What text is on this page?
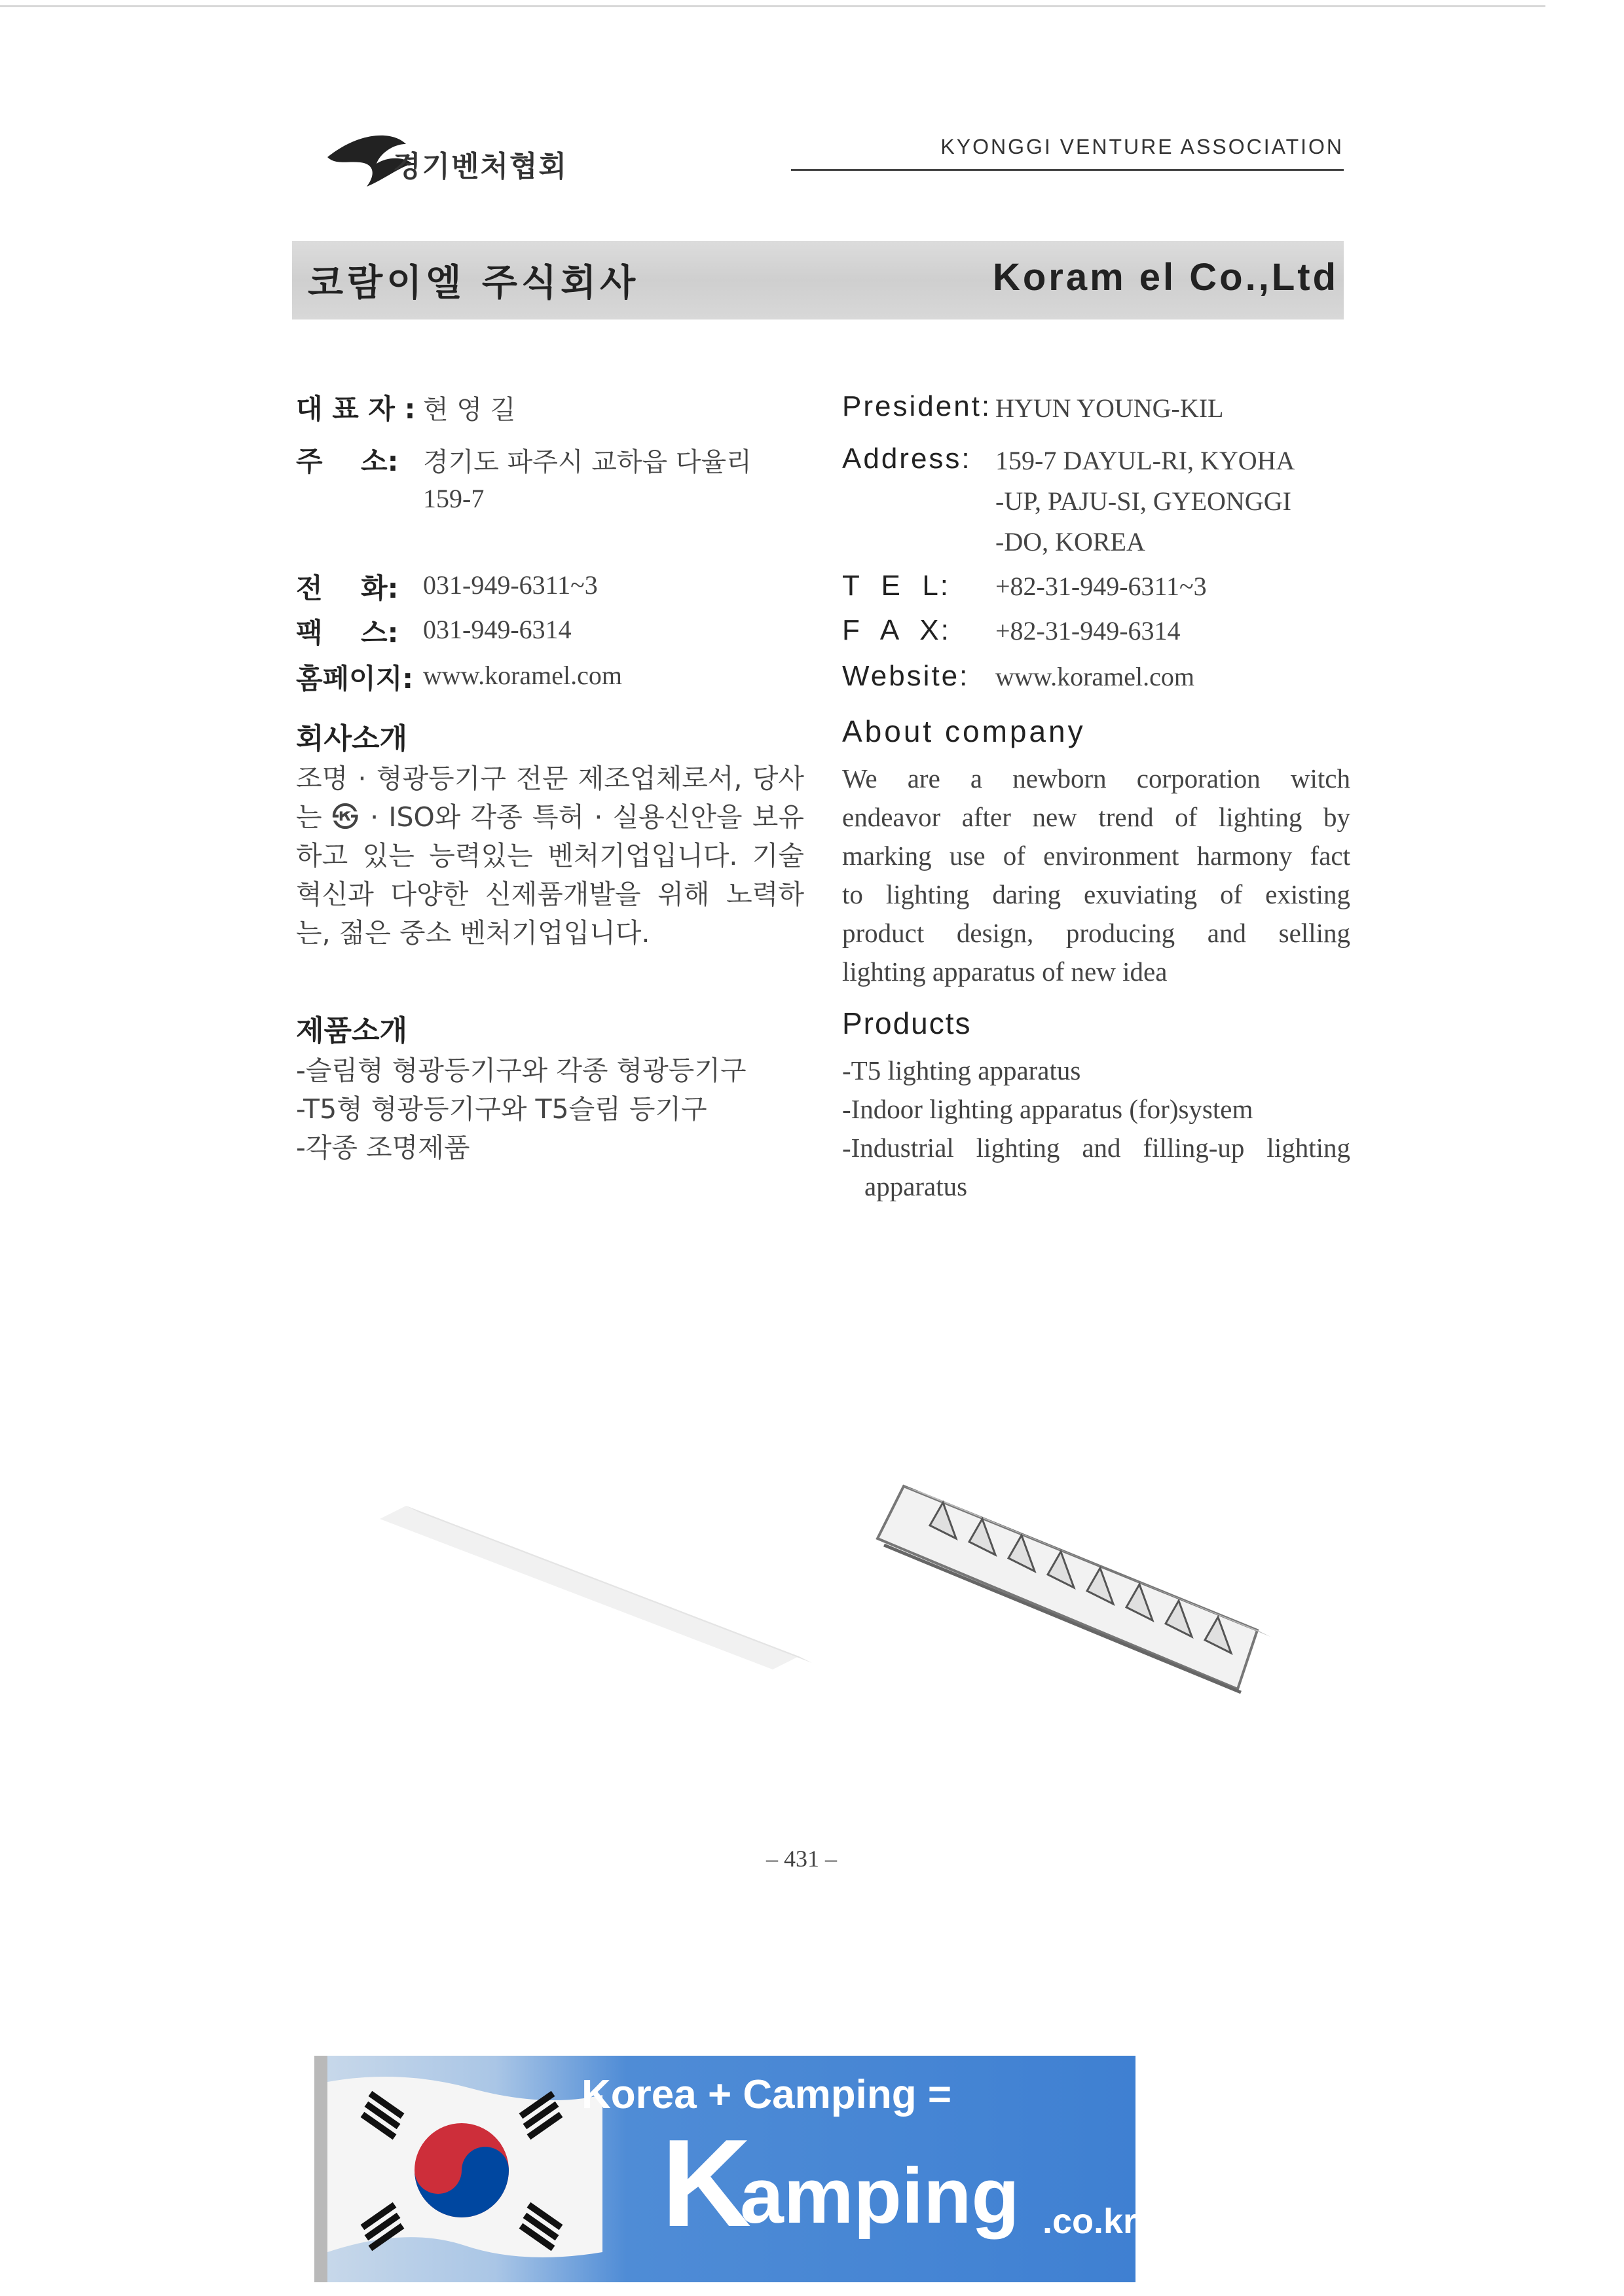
경기벤처협회
KYONGGI VENTURE ASSOCIATION
코람이엘 주식회사	Koram el Co.,Ltd
대 표 자 : 현 영 길
주    소: 경기도 파주시 교하읍 다율리
159-7
전    화: 031-949-6311~3
팩    스: 031-949-6314
홈페이지: www.koramel.com
President: HYUN YOUNG-KIL
Address: 159-7 DAYUL-RI, KYOHA
-UP, PAJU-SI, GYEONGGI
-DO, KOREA
T  E  L: +82-31-949-6311~3
F  A  X: +82-31-949-6314
Website: www.koramel.com
회사소개
조명 · 형광등기구 전문 제조업체로서, 당사
는 ㉿ · ISO와 각종 특허 · 실용신안을 보유
하고 있는 능력있는 벤처기업입니다. 기술
혁신과 다양한 신제품개발을 위해 노력하
는, 젊은 중소 벤처기업입니다.
About company
We are a newborn corporation witch
endeavor after new trend of lighting by
marking use of environment harmony fact
to lighting daring exuviating of existing
product design, producing and selling
lighting apparatus of new idea
제품소개
-슬림형 형광등기구와 각종 형광등기구
-T5형 형광등기구와 T5슬림 등기구
-각종 조명제품
Products
-T5 lighting apparatus
-Indoor lighting apparatus (for)system
-Industrial lighting and filling-up lighting
apparatus
– 431 –
Korea + Camping =
K
amping .co.kr
